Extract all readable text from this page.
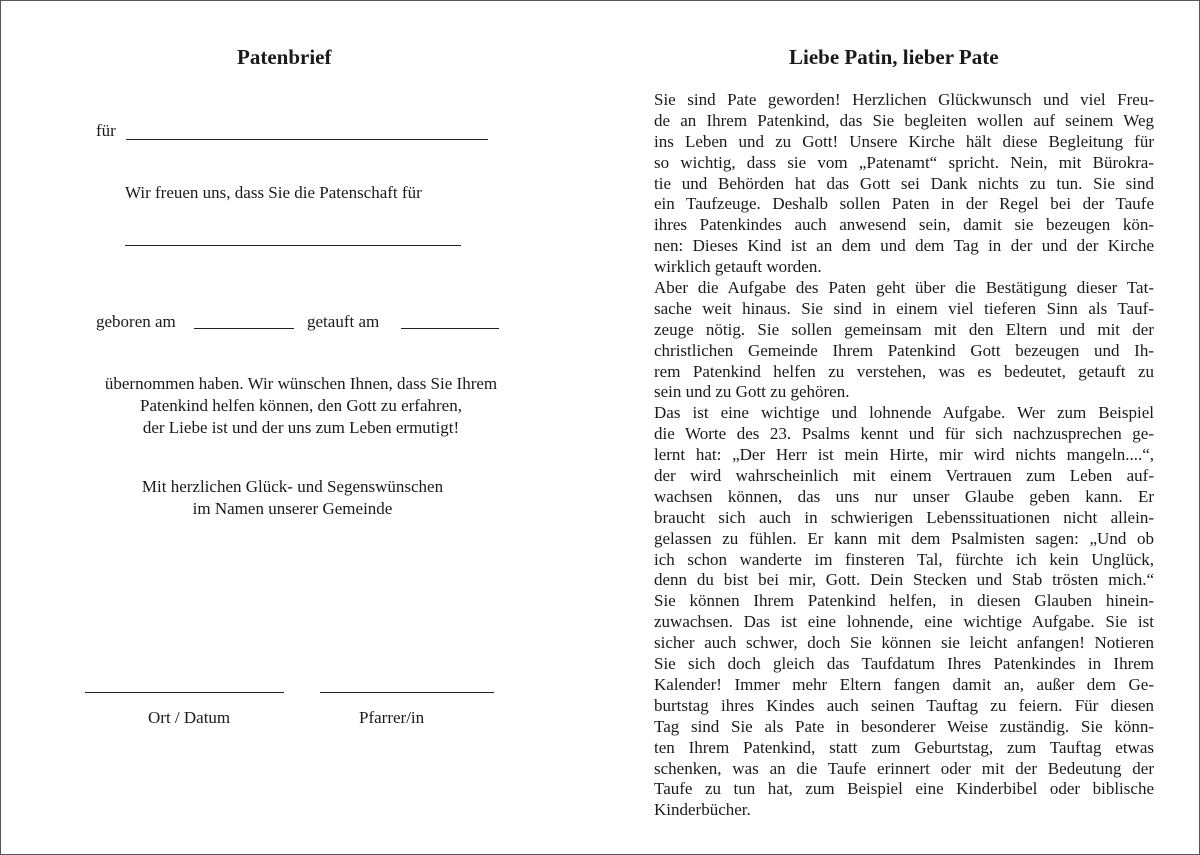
Patenbrief
für
Wir freuen uns, dass Sie die Patenschaft für
geboren am	getauft am
übernommen haben. Wir wünschen Ihnen, dass Sie Ihrem
Patenkind helfen können, den Gott zu erfahren,
der Liebe ist und der uns zum Leben ermutigt!
Mit herzlichen Glück- und Segenswünschen
im Namen unserer Gemeinde
Ort / Datum	Pfarrer/in
Liebe Patin, lieber Pate
Sie sind Pate geworden! Herzlichen Glückwunsch und viel Freu-
de an Ihrem Patenkind, das Sie begleiten wollen auf seinem Weg
ins Leben und zu Gott! Unsere Kirche hält diese Begleitung für
so wichtig, dass sie vom „Patenamt“ spricht. Nein, mit Bürokra-
tie und Behörden hat das Gott sei Dank nichts zu tun. Sie sind
ein Taufzeuge. Deshalb sollen Paten in der Regel bei der Taufe
ihres Patenkindes auch anwesend sein, damit sie bezeugen kön-
nen: Dieses Kind ist an dem und dem Tag in der und der Kirche
wirklich getauft worden.
Aber die Aufgabe des Paten geht über die Bestätigung dieser Tat-
sache weit hinaus. Sie sind in einem viel tieferen Sinn als Tauf-
zeuge nötig. Sie sollen gemeinsam mit den Eltern und mit der
christlichen Gemeinde Ihrem Patenkind Gott bezeugen und Ih-
rem Patenkind helfen zu verstehen, was es bedeutet, getauft zu
sein und zu Gott zu gehören.
Das ist eine wichtige und lohnende Aufgabe. Wer zum Beispiel
die Worte des 23. Psalms kennt und für sich nachzusprechen ge-
lernt hat: „Der Herr ist mein Hirte, mir wird nichts mangeln....“,
der wird wahrscheinlich mit einem Vertrauen zum Leben auf-
wachsen können, das uns nur unser Glaube geben kann. Er
braucht sich auch in schwierigen Lebenssituationen nicht allein-
gelassen zu fühlen. Er kann mit dem Psalmisten sagen: „Und ob
ich schon wanderte im finsteren Tal, fürchte ich kein Unglück,
denn du bist bei mir, Gott. Dein Stecken und Stab trösten mich.“
Sie können Ihrem Patenkind helfen, in diesen Glauben hinein-
zuwachsen. Das ist eine lohnende, eine wichtige Aufgabe. Sie ist
sicher auch schwer, doch Sie können sie leicht anfangen! Notieren
Sie sich doch gleich das Taufdatum Ihres Patenkindes in Ihrem
Kalender! Immer mehr Eltern fangen damit an, außer dem Ge-
burtstag ihres Kindes auch seinen Tauftag zu feiern. Für diesen
Tag sind Sie als Pate in besonderer Weise zuständig. Sie könn-
ten Ihrem Patenkind, statt zum Geburtstag, zum Tauftag etwas
schenken, was an die Taufe erinnert oder mit der Bedeutung der
Taufe zu tun hat, zum Beispiel eine Kinderbibel oder biblische
Kinderbücher.
